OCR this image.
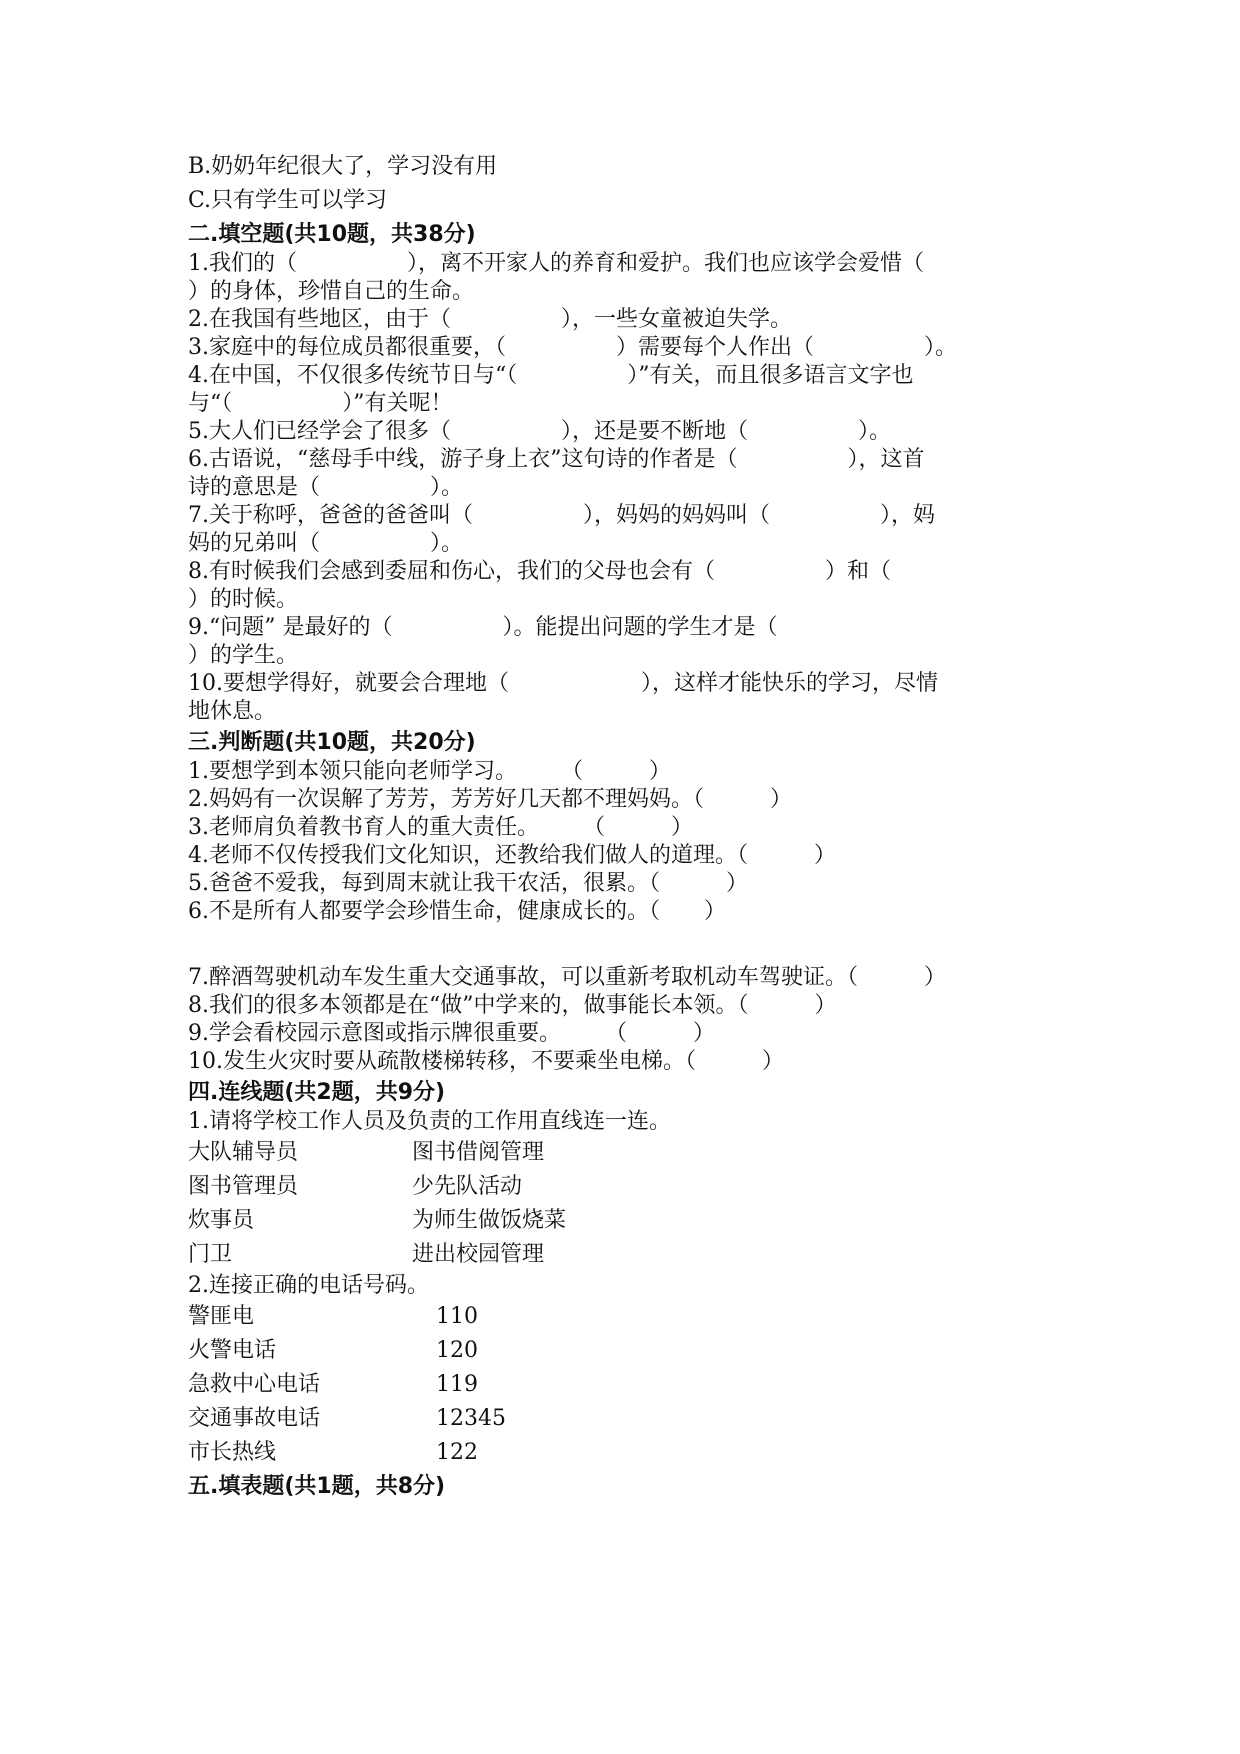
B.奶奶年纪很大了，学习没有用
C.只有学生可以学习
二.填空题(共10题，共38分)
1.我们的（　　　　　），离不开家人的养育和爱护。我们也应该学会爱惜（
）的身体，珍惜自己的生命。
2.在我国有些地区，由于（　　　　　），一些女童被迫失学。
3.家庭中的每位成员都很重要，（　　　　　）需要每个人作出（　　　　　）。
4.在中国，不仅很多传统节日与“（　　　　　）”有关，而且很多语言文字也
与“（　　　　　）”有关呢！
5.大人们已经学会了很多（　　　　　），还是要不断地（　　　　　）。
6.古语说，“慈母手中线，游子身上衣”这句诗的作者是（　　　　　），这首
诗的意思是（　　　　　）。
7.关于称呼，爸爸的爸爸叫（　　　　　），妈妈的妈妈叫（　　　　　），妈
妈的兄弟叫（　　　　　）。
8.有时候我们会感到委屈和伤心，我们的父母也会有（　　　　　）和（
）的时候。
9.“问题” 是最好的（　　　　　）。能提出问题的学生才是（
）的学生。
10.要想学得好，就要会合理地（　　　　　　），这样才能快乐的学习，尽情
地休息。
三.判断题(共10题，共20分)
1.要想学到本领只能向老师学习。　　　（　　　）
2.妈妈有一次误解了芳芳，芳芳好几天都不理妈妈。（　　　）
3.老师肩负着教书育人的重大责任。　　　（　　　）
4.老师不仅传授我们文化知识，还教给我们做人的道理。（　　　）
5.爸爸不爱我，每到周末就让我干农活，很累。（　　　）
6.不是所有人都要学会珍惜生命，健康成长的。（　　）
7.醉酒驾驶机动车发生重大交通事故，可以重新考取机动车驾驶证。（　　　）
8.我们的很多本领都是在“做”中学来的，做事能长本领。（　　　）
9.学会看校园示意图或指示牌很重要。　　　（　　　）
10.发生火灾时要从疏散楼梯转移，不要乘坐电梯。（　　　）
四.连线题(共2题，共9分)
1.请将学校工作人员及负责的工作用直线连一连。
大队辅导员	图书借阅管理
图书管理员	少先队活动
炊事员	为师生做饭烧菜
门卫	进出校园管理
2.连接正确的电话号码。
警匪电	110
火警电话	120
急救中心电话	119
交通事故电话	12345
市长热线	122
五.填表题(共1题，共8分)
